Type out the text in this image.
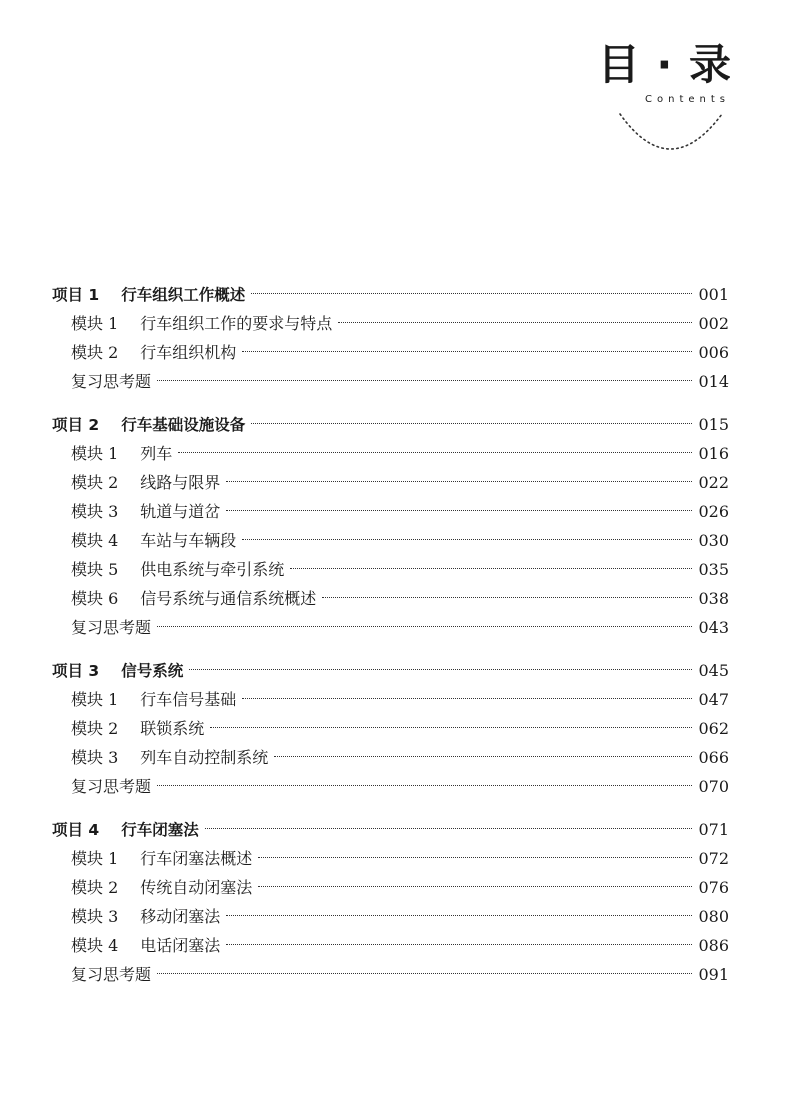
目 · 录
Contents
项目 1 行车组织工作概述	001
模块 1 行车组织工作的要求与特点	002
模块 2 行车组织机构	006
复习思考题	014
项目 2 行车基础设施设备	015
模块 1 列车	016
模块 2 线路与限界	022
模块 3 轨道与道岔	026
模块 4 车站与车辆段	030
模块 5 供电系统与牵引系统	035
模块 6 信号系统与通信系统概述	038
复习思考题	043
项目 3 信号系统	045
模块 1 行车信号基础	047
模块 2 联锁系统	062
模块 3 列车自动控制系统	066
复习思考题	070
项目 4 行车闭塞法	071
模块 1 行车闭塞法概述	072
模块 2 传统自动闭塞法	076
模块 3 移动闭塞法	080
模块 4 电话闭塞法	086
复习思考题	091
